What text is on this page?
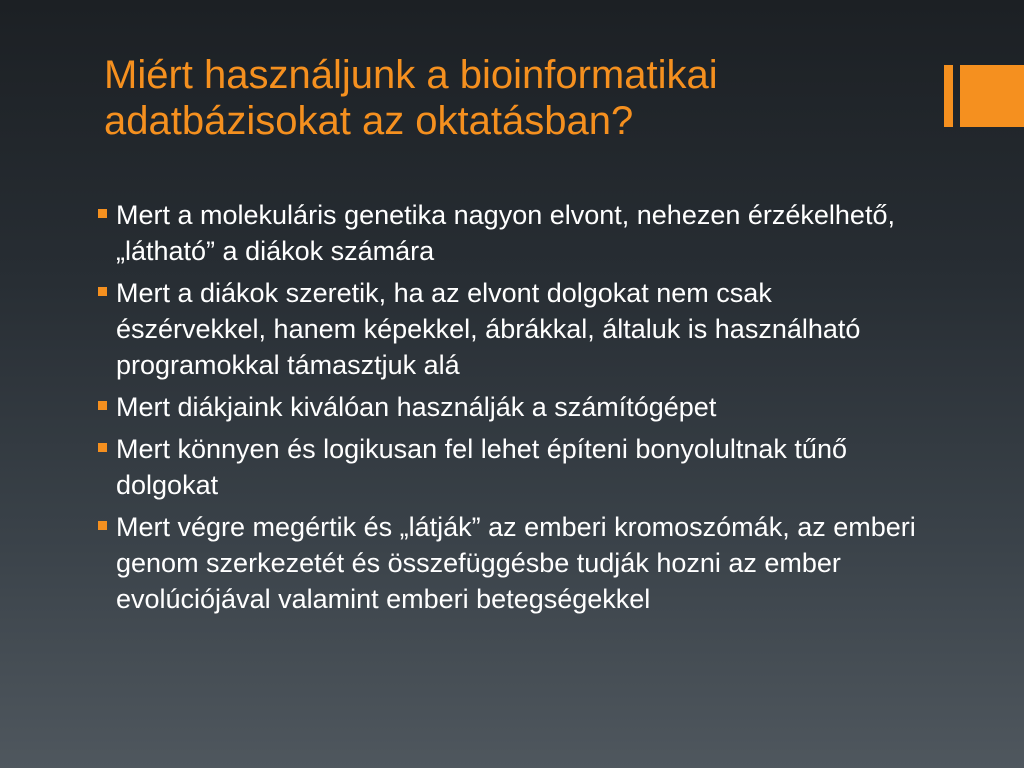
Miért használjunk a bioinformatikai
adatbázisokat az oktatásban?
Mert a molekuláris genetika nagyon elvont, nehezen érzékelhető, „látható” a diákok számára
Mert a diákok szeretik, ha az elvont dolgokat nem csak észérvekkel, hanem képekkel, ábrákkal, általuk is használható programokkal támasztjuk alá
Mert diákjaink kiválóan használják a számítógépet
Mert könnyen és logikusan fel lehet építeni bonyolultnak tűnő dolgokat
Mert végre megértik és „látják” az emberi kromoszómák, az emberi genom szerkezetét és összefüggésbe tudják hozni az ember evolúciójával valamint emberi betegségekkel
